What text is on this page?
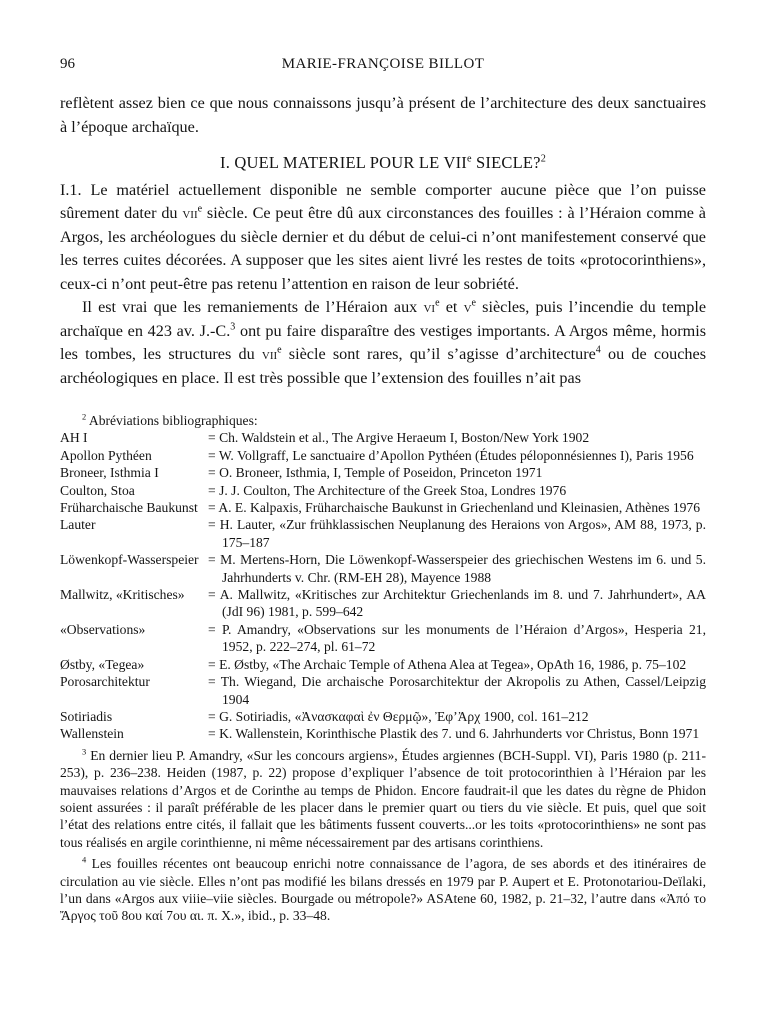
96	MARIE-FRANÇOISE BILLOT

reflètent assez bien ce que nous connaissons jusqu’à présent de l’architecture des deux sanctuaires à l’époque archaïque.

I. QUEL MATERIEL POUR LE VIIe SIECLE?$^2$

I.1. Le matériel actuellement disponible ne semble comporter aucune pièce que l’on puisse sûrement dater du vii$^e$ siècle. Ce peut être dû aux circonstances des fouilles : à l’Héraion comme à Argos, les archéologues du siècle dernier et du début de celui-ci n’ont manifestement conservé que les terres cuites décorées. A supposer que les sites aient livré les restes de toits «protocorinthiens», ceux-ci n’ont peut-être pas retenu l’attention en raison de leur sobriété.

Il est vrai que les remaniements de l’Héraion aux $vi^e$ et $v^e$ siècles, puis l’incendie du temple archaïque en 423 av. J.-C.$^3$ ont pu faire disparaître des vestiges importants. A Argos même, hormis les tombes, les structures du vii$^e$ siècle sont rares, qu’il s’agisse d’architecture$^4$ ou de couches archéologiques en place. Il est très possible que l’extension des fouilles n’ait pas

$^2$ Abréviations bibliographiques:

AH I	= Ch. Waldstein et al., The Argive Heraeum I, Boston/New York 1902
Apollon Pythéen	= W. Vollgraff, Le sanctuaire d’Apollon Pythéen (Études péloponnésiennes I), Paris 1956
Broneer, Isthmia I	= O. Broneer, Isthmia, I, Temple of Poseidon, Princeton 1971
Coulton, Stoa	= J. J. Coulton, The Architecture of the Greek Stoa, Londres 1976
Früharchaische Baukunst	= A. E. Kalpaxis, Früharchaische Baukunst in Griechenland und Kleinasien, Athènes 1976
Lauter	= H. Lauter, «Zur frühklassischen Neuplanung des Heraions von Argos», AM 88, 1973, p. 175–187
Löwenkopf-Wasserspeier	= M. Mertens-Horn, Die Löwenkopf-Wasserspeier des griechischen Westens im 6. und 5. Jahrhunderts v. Chr. (RM-EH 28), Mayence 1988
Mallwitz, «Kritisches»	= A. Mallwitz, «Kritisches zur Architektur Griechenlands im 8. und 7. Jahrhundert», AA (JdI 96) 1981, p. 599–642
«Observations»	= P. Amandry, «Observations sur les monuments de l’Héraion d’Argos», Hesperia 21, 1952, p. 222–274, pl. 61–72
Østby, «Tegea»	= E. Østby, «The Archaic Temple of Athena Alea at Tegea», OpAth 16, 1986, p. 75–102
Porosarchitektur	= Th. Wiegand, Die archaische Porosarchitektur der Akropolis zu Athen, Cassel/Leipzig 1904
Sotiriadis	= G. Sotiriadis, «Ἀνασκαφαὶ ἐν Θερμῷ», Ἐφ’Ἀρχ 1900, col. 161–212
Wallenstein	= K. Wallenstein, Korinthische Plastik des 7. und 6. Jahrhunderts vor Christus, Bonn 1971

$^3$ En dernier lieu P. Amandry, «Sur les concours argiens», Études argiennes (BCH-Suppl. VI), Paris 1980 (p. 211-253), p. 236–238. Heiden (1987, p. 22) propose d’expliquer l’absence de toit protocorinthien à l’Héraion par les mauvaises relations d’Argos et de Corinthe au temps de Phidon. Encore faudrait-il que les dates du règne de Phidon soient assurées : il paraît préférable de les placer dans le premier quart ou tiers du vie siècle. Et puis, quel que soit l’état des relations entre cités, il fallait que les bâtiments fussent couverts...or les toits «protocorinthiens» ne sont pas tous réalisés en argile corinthienne, ni même nécessairement par des artisans corinthiens.

$^4$ Les fouilles récentes ont beaucoup enrichi notre connaissance de l’agora, de ses abords et des itinéraires de circulation au vie siècle. Elles n’ont pas modifié les bilans dressés en 1979 par P. Aupert et E. Protonotariou-Deïlaki, l’un dans «Argos aux viiie–viie siècles. Bourgade ou métropole?» ASAtene 60, 1982, p. 21–32, l’autre dans «Ἀπό το Ἄργος τοῦ 8ου καί 7ου αι. π. Χ.», ibid., p. 33–48.
